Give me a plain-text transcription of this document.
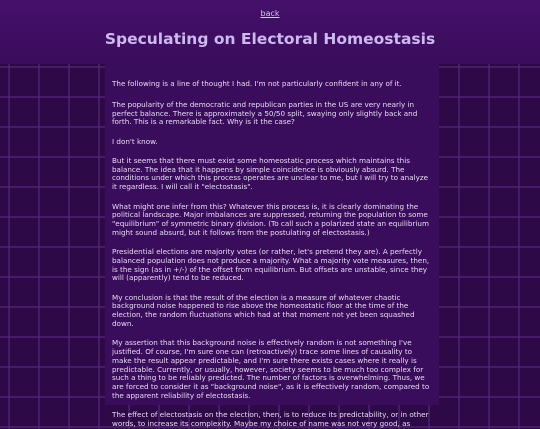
back
Speculating on Electoral Homeostasis

The following is a line of thought I had. I'm not particularly confident in any of it.

The popularity of the democratic and republican parties in the US are very nearly in perfect balance. There is approximately a 50/50 split, swaying only slightly back and forth. This is a remarkable fact. Why is it the case?

I don't know.

But it seems that there must exist some homeostatic process which maintains this balance. The idea that it happens by simple coincidence is obviously absurd. The conditions under which this process operates are unclear to me, but I will try to analyze it regardless. I will call it "electostasis".

What might one infer from this? Whatever this process is, it is clearly dominating the political landscape. Major imbalances are suppressed, returning the population to some "equilibrium" of symmetric binary division. (To call such a polarized state an equilibrium might sound absurd, but it follows from the postulating of electostasis.)

Presidential elections are majority votes (or rather, let's pretend they are). A perfectly balanced population does not produce a majority. What a majority vote measures, then, is the sign (as in +/-) of the offset from equilibrium. But offsets are unstable, since they will (apparently) tend to be reduced.

My conclusion is that the result of the election is a measure of whatever chaotic background noise happened to rise above the homeostatic floor at the time of the election, the random fluctuations which had at that moment not yet been squashed down.

My assertion that this background noise is effectively random is not something I've justified. Of course, I'm sure one can (retroactively) trace some lines of causality to make the result appear predictable, and I'm sure there exists cases where it really is predictable. Currently, or usually, however, society seems to be much too complex for such a thing to be reliably predicted. The number of factors is overwhelming. Thus, we are forced to consider it as "background noise", as it is effectively random, compared to the apparent reliability of electostasis.

The effect of electostasis on the election, then, is to reduce its predictability, or in other words, to increase its complexity. Maybe my choice of name was not very good, as
